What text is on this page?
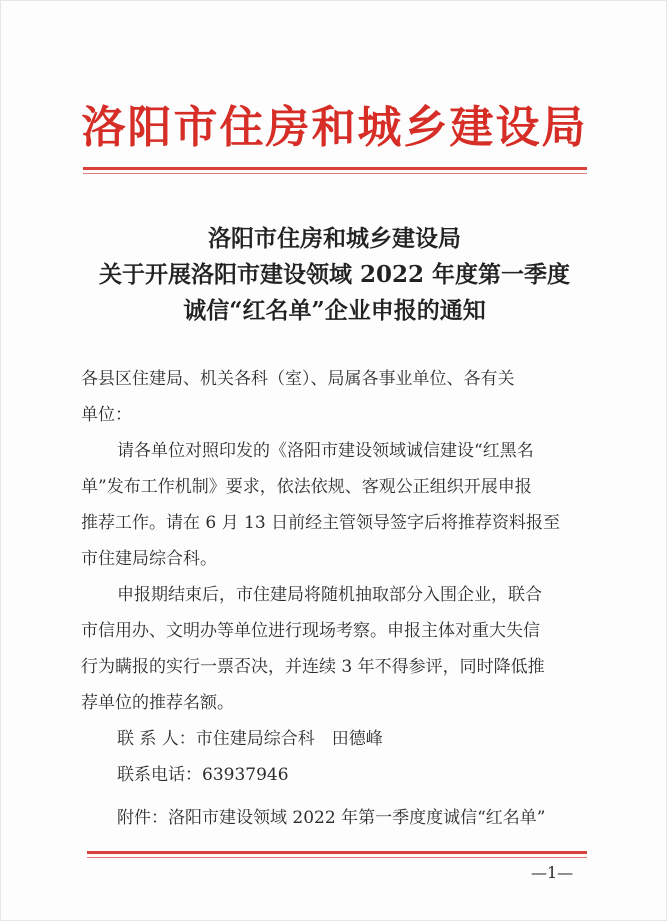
洛阳市住房和城乡建设局
洛阳市住房和城乡建设局
关于开展洛阳市建设领域 2022 年度第一季度
诚信“红名单”企业申报的通知

各县区住建局、机关各科（室）、局属各事业单位、各有关
单位：

请各单位对照印发的《洛阳市建设领域诚信建设“红黑名
单”发布工作机制》要求，依法依规、客观公正组织开展申报
推荐工作。请在 6 月 13 日前经主管领导签字后将推荐资料报至
市住建局综合科。

申报期结束后，市住建局将随机抽取部分入围企业，联合
市信用办、文明办等单位进行现场考察。申报主体对重大失信
行为瞒报的实行一票否决，并连续 3 年不得参评，同时降低推
荐单位的推荐名额。

联 系 人：市住建局综合科　田德峰
联系电话：63937946

附件：洛阳市建设领域 2022 年第一季度度诚信“红名单”
—1—
